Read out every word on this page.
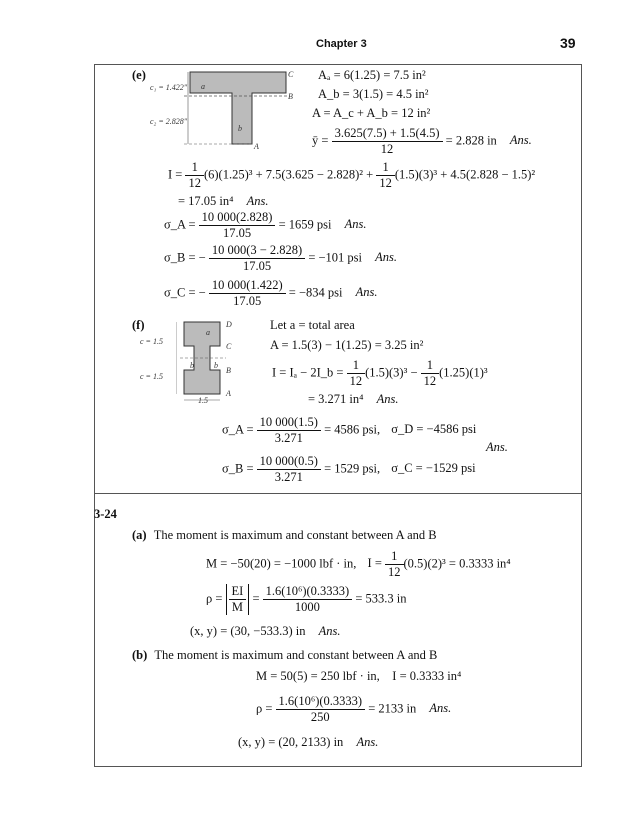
Chapter 3	39
(e)
c₁ = 1.422"
c₂ = 2.828"
a
b
C
B
A
Aₐ = 6(1.25) = 7.5 in²
A_b = 3(1.5) = 4.5 in²
A = A_c + A_b = 12 in²
ȳ = $\frac{3.625(7.5) + 1.5(4.5)}{12} = 2.828$ in Ans.
$I = \frac{1}{12} (6)(1.25)^3 + 7.5(3.625 - 2.828)^2 + \frac{1}{12} (1.5)(3)^3 + 4.5(2.828 - 1.5)^2$
= 17.05 in⁴ Ans.
σ_A = $\frac{10 000(2.828)}{17.05} = 1659$ psi Ans.
σ_B = − $\frac{10 000(3 - 2.828)}{17.05} = -101$ psi Ans.
σ_C = − $\frac{10 000(1.422)}{17.05} = -834$ psi Ans.
(f)
c = 1.5
c = 1.5
a
b	b
D
C
B
A
1.5
Let a = total area
A = 1.5(3) − 1(1.25) = 3.25 in²
I = Iₐ − 2I_b = $\frac{1}{12} (1.5)(3)^3 - \frac{1}{12} (1.25)(1)^3$
= 3.271 in⁴ Ans.
σ_A = $\frac{10 000(1.5)}{3.271} = 4586$ psi, σ_D = −4586 psi
Ans.
σ_B = $\frac{10 000(0.5)}{3.271} = 1529$ psi, σ_C = −1529 psi
3-24
(a) The moment is maximum and constant between A and B
M = −50(20) = −1000 lbf · in, $I = \frac{1}{12} (0.5)(2)^3 = 0.3333$ in⁴
$\rho = \frac{EI}{M} = \frac{\text{1.6(10⁶)(0.3333)}}{1000} = 533.3$ in
(x, y) = (30, −533.3) in Ans.
(b) The moment is maximum and constant between A and B
M = 50(5) = 250 lbf · in,    I = 0.3333 in⁴
$\rho = \frac{\text{1.6(10⁶)(0.3333)}}{250} = 2133$ in Ans.
(x, y) = (20, 2133) in Ans.
